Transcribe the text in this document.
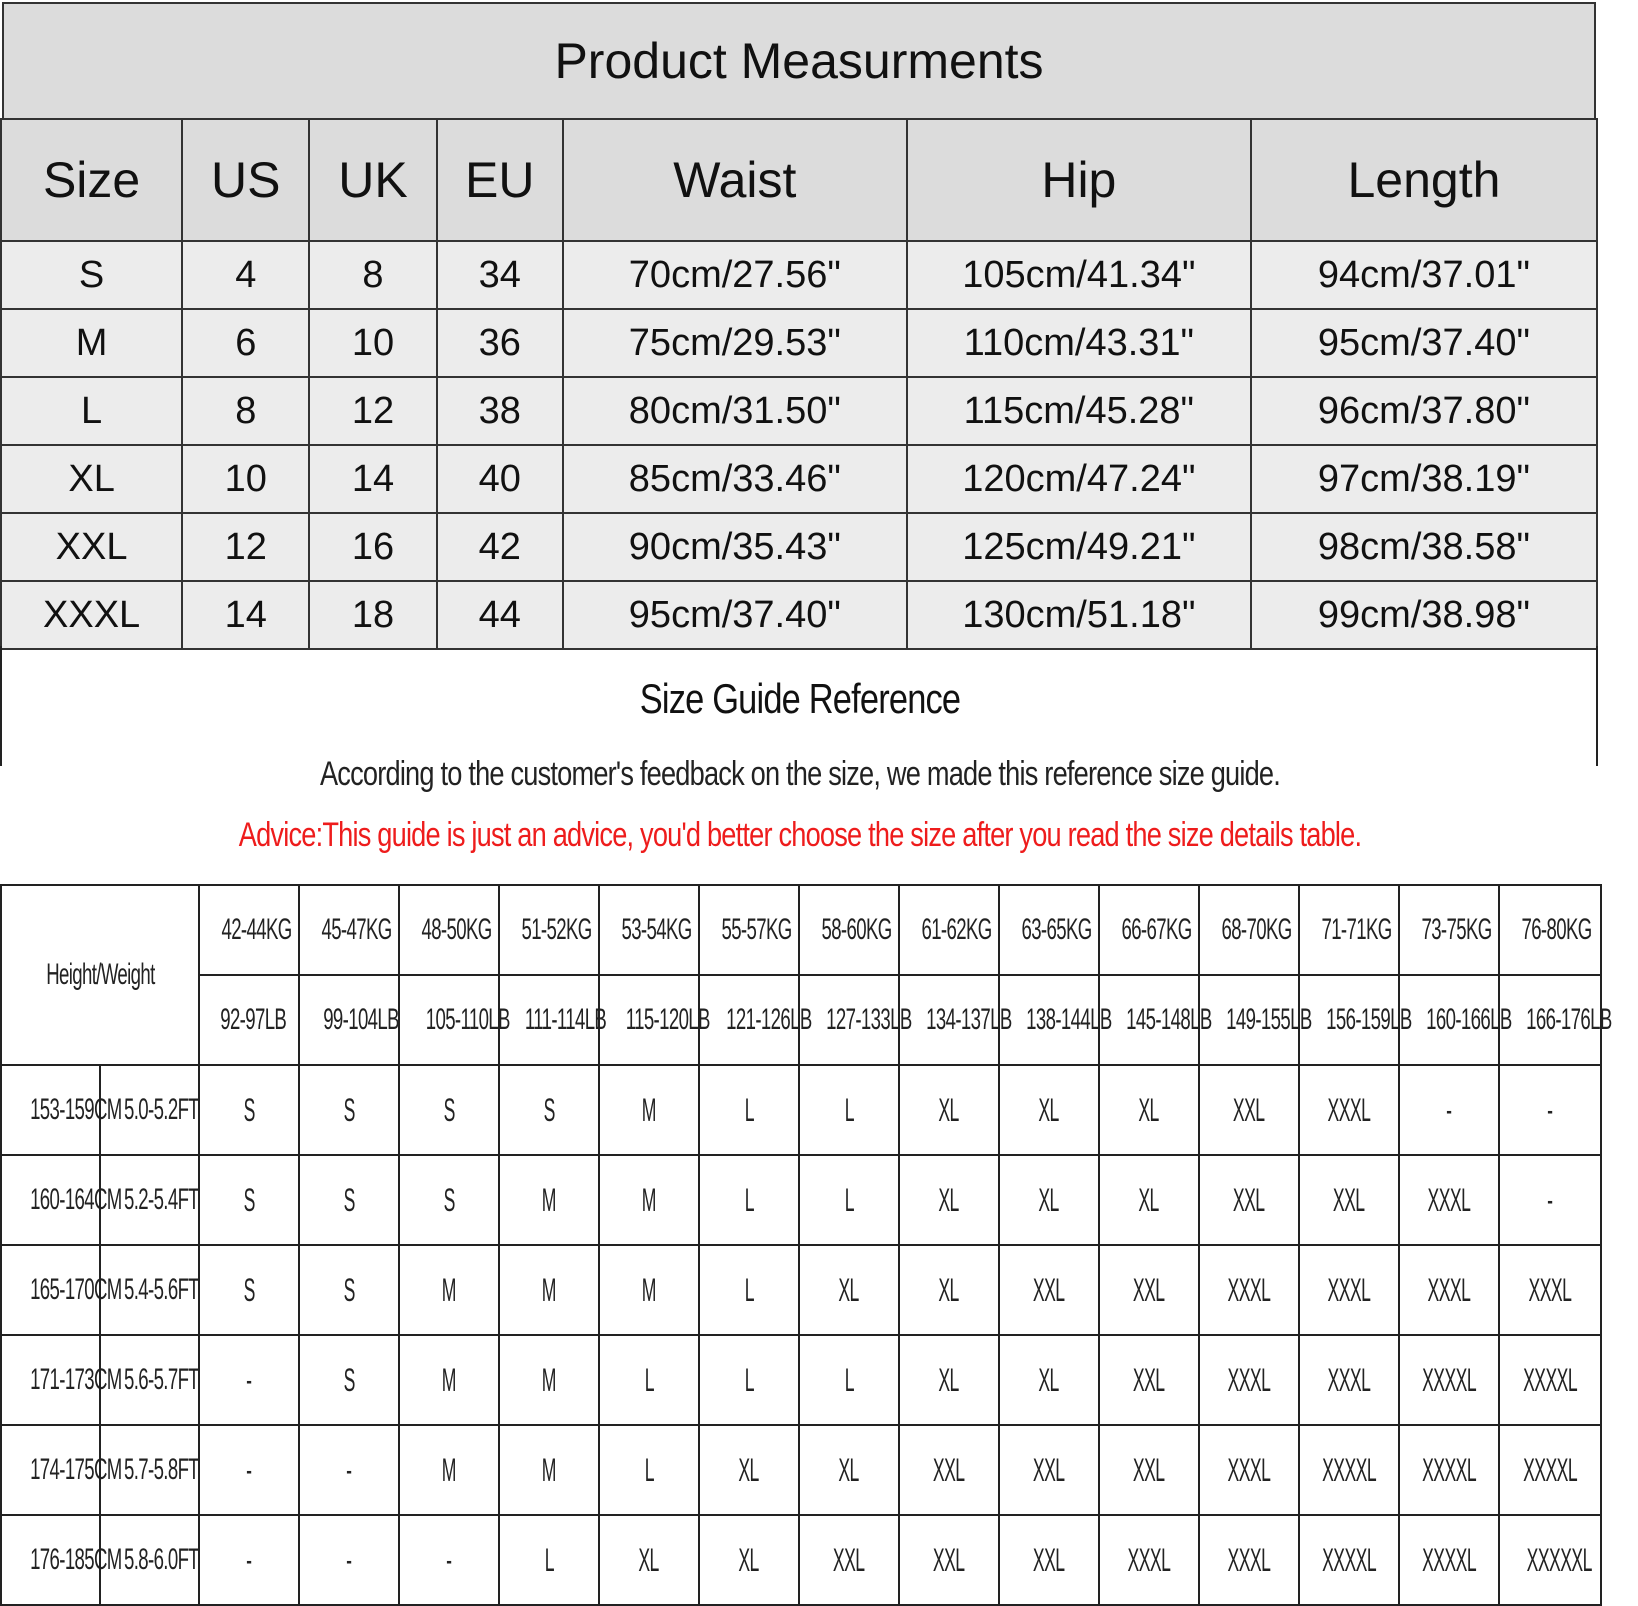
Product Measurments
Size	US	UK	EU	Waist	Hip	Length
S	4	8	34	70cm/27.56"	105cm/41.34"	94cm/37.01"
M	6	10	36	75cm/29.53"	110cm/43.31"	95cm/37.40"
L	8	12	38	80cm/31.50"	115cm/45.28"	96cm/37.80"
XL	10	14	40	85cm/33.46"	120cm/47.24"	97cm/38.19"
XXL	12	16	42	90cm/35.43"	125cm/49.21"	98cm/38.58"
XXXL	14	18	44	95cm/37.40"	130cm/51.18"	99cm/38.98"
Size Guide Reference
According to the customer's feedback on the size, we made this reference size guide.
Advice:This guide is just an advice, you'd better choose the size after you read the size details table.
Height/Weight		42-44KG	45-47KG	48-50KG	51-52KG	53-54KG	55-57KG	58-60KG	61-62KG	63-65KG	66-67KG	68-70KG	71-71KG	73-75KG	76-80KG
		92-97LB	99-104LB	105-110LB	111-114LB	115-120LB	121-126LB	127-133LB	134-137LB	138-144LB	145-148LB	149-155LB	156-159LB	160-166LB	166-176LB
153-159CM	5.0-5.2FT	S	S	S	S	M	L	L	XL	XL	XL	XXL	XXXL	-	-
160-164CM	5.2-5.4FT	S	S	S	M	M	L	L	XL	XL	XL	XXL	XXL	XXXL	-
165-170CM	5.4-5.6FT	S	S	M	M	M	L	XL	XL	XXL	XXL	XXXL	XXXL	XXXL	XXXL
171-173CM	5.6-5.7FT	-	S	M	M	L	L	L	XL	XL	XXL	XXXL	XXXL	XXXXL	XXXXL
174-175CM	5.7-5.8FT	-	-	M	M	L	XL	XL	XXL	XXL	XXL	XXXL	XXXXL	XXXXL	XXXXL
176-185CM	5.8-6.0FT	-	-	-	L	XL	XL	XXL	XXL	XXL	XXXL	XXXL	XXXXL	XXXXL	XXXXXL
